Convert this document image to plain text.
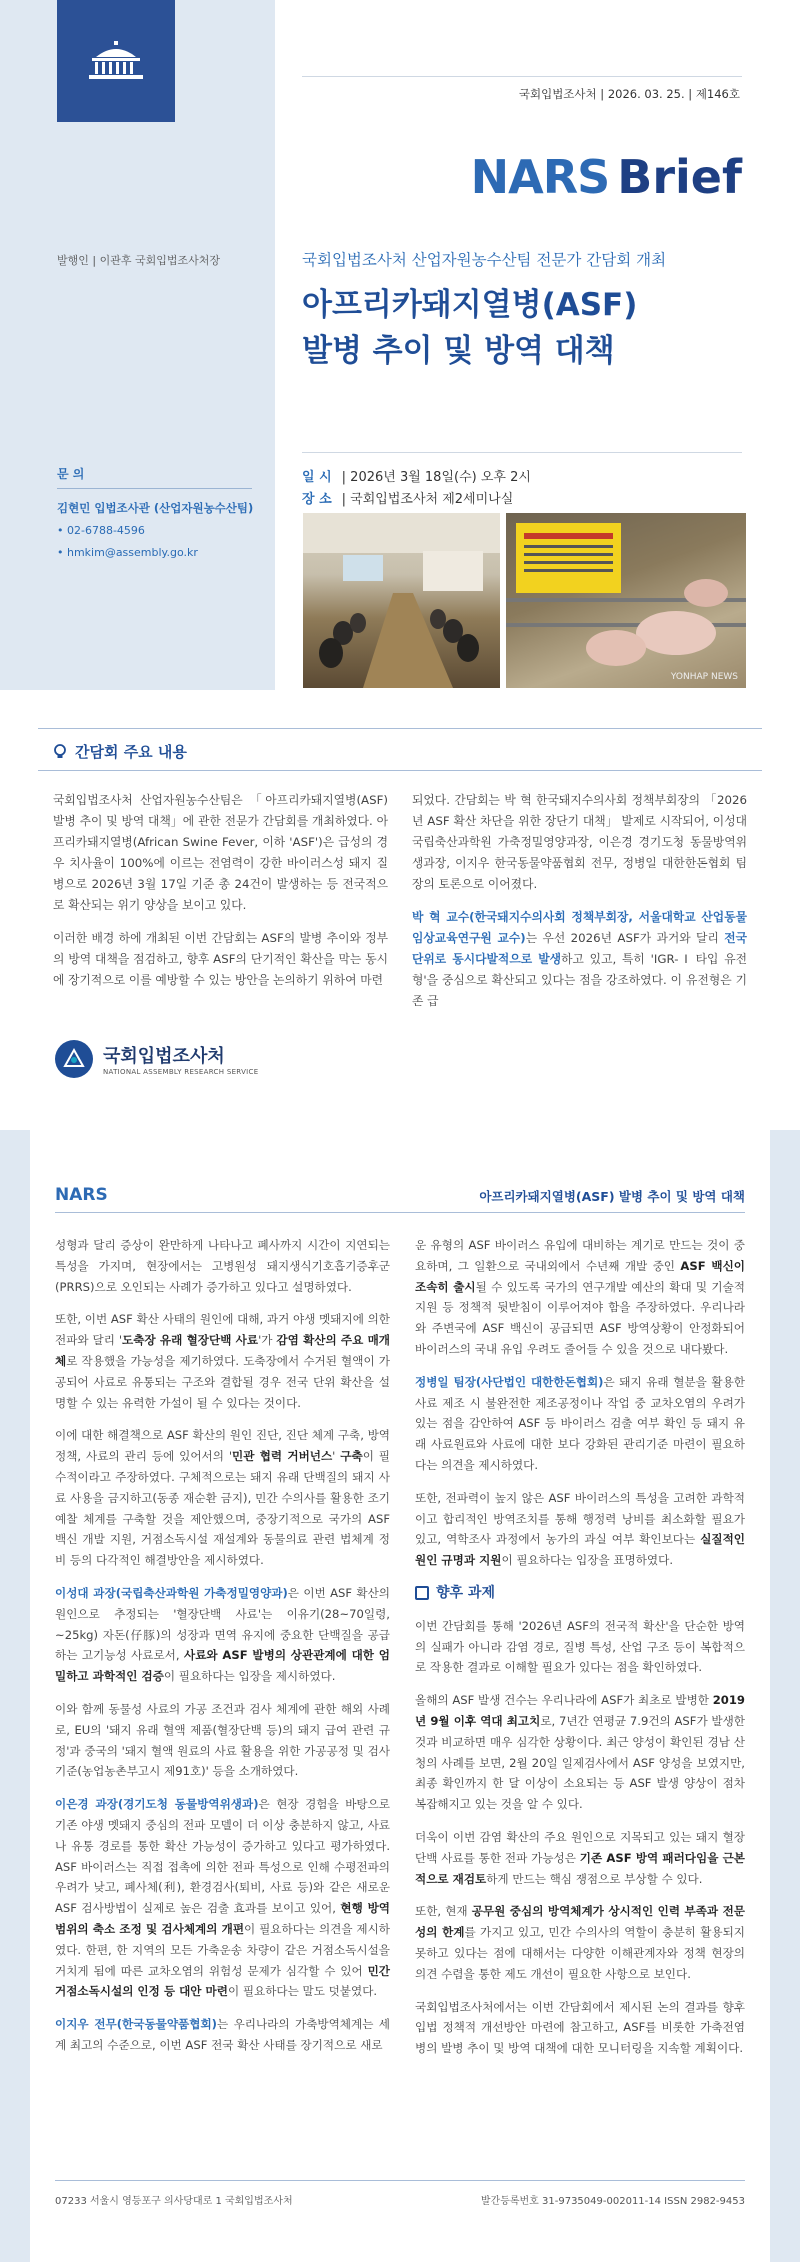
발행인 | 이관후 국회입법조사처장
문 의
김현민 입법조사관 (산업자원농수산팀)
• 02-6788-4596
• hmkim@assembly.go.kr
국회입법조사처 | 2026. 03. 25. | 제146호
NARS Brief
국회입법조사처 산업자원농수산팀 전문가 간담회 개최
아프리카돼지열병(ASF)
발병 추이 및 방역 대책
일 시 | 2026년 3월 18일(수) 오후 2시
장 소 | 국회입법조사처 제2세미나실
YONHAP NEWS
간담회 주요 내용

국회입법조사처 산업자원농수산팀은 「아프리카돼지열병(ASF) 발병 추이 및 방역 대책」에 관한 전문가 간담회를 개최하였다. 아프리카돼지열병(African Swine Fever, 이하 'ASF')은 급성의 경우 치사율이 100%에 이르는 전염력이 강한 바이러스성 돼지 질병으로 2026년 3월 17일 기준 총 24건이 발생하는 등 전국적으로 확산되는 위기 양상을 보이고 있다.

이러한 배경 하에 개최된 이번 간담회는 ASF의 발병 추이와 정부의 방역 대책을 점검하고, 향후 ASF의 단기적인 확산을 막는 동시에 장기적으로 이를 예방할 수 있는 방안을 논의하기 위하여 마련

되었다. 간담회는 박 혁 한국돼지수의사회 정책부회장의 「2026년 ASF 확산 차단을 위한 장단기 대책」 발제로 시작되어, 이성대 국립축산과학원 가축정밀영양과장, 이은경 경기도청 동물방역위생과장, 이지우 한국동물약품협회 전무, 정병일 대한한돈협회 팀장의 토론으로 이어졌다.

박 혁 교수(한국돼지수의사회 정책부회장, 서울대학교 산업동물임상교육연구원 교수)는 우선 2026년 ASF가 과거와 달리 전국 단위로 동시다발적으로 발생하고 있고, 특히 'IGR- Ⅰ 타입 유전형'을 중심으로 확산되고 있다는 점을 강조하였다. 이 유전형은 기존 급

국회입법조사처
NATIONAL ASSEMBLY RESEARCH SERVICE
NARS	아프리카돼지열병(ASF) 발병 추이 및 방역 대책

성형과 달리 증상이 완만하게 나타나고 폐사까지 시간이 지연되는 특성을 가지며, 현장에서는 고병원성 돼지생식기호흡기증후군(PRRS)으로 오인되는 사례가 증가하고 있다고 설명하였다.

또한, 이번 ASF 확산 사태의 원인에 대해, 과거 야생 멧돼지에 의한 전파와 달리 '도축장 유래 혈장단백 사료'가 감염 확산의 주요 매개체로 작용했을 가능성을 제기하였다. 도축장에서 수거된 혈액이 가공되어 사료로 유통되는 구조와 결합될 경우 전국 단위 확산을 설명할 수 있는 유력한 가설이 될 수 있다는 것이다.

이에 대한 해결책으로 ASF 확산의 원인 진단, 진단 체계 구축, 방역 정책, 사료의 관리 등에 있어서의 '민관 협력 거버넌스' 구축이 필수적이라고 주장하였다. 구체적으로는 돼지 유래 단백질의 돼지 사료 사용을 금지하고(동종 재순환 금지), 민간 수의사를 활용한 조기 예찰 체계를 구축할 것을 제안했으며, 중장기적으로 국가의 ASF 백신 개발 지원, 거점소독시설 재설계와 동물의료 관련 법체계 정비 등의 다각적인 해결방안을 제시하였다.

이성대 과장(국립축산과학원 가축정밀영양과)은 이번 ASF 확산의 원인으로 추정되는 '혈장단백 사료'는 이유기(28~70일령, ~25kg) 자돈(仔豚)의 성장과 면역 유지에 중요한 단백질을 공급하는 고기능성 사료로서, 사료와 ASF 발병의 상관관계에 대한 엄밀하고 과학적인 검증이 필요하다는 입장을 제시하였다.

이와 함께 동물성 사료의 가공 조건과 검사 체계에 관한 해외 사례로, EU의 '돼지 유래 혈액 제품(혈장단백 등)의 돼지 급여 관련 규정'과 중국의 '돼지 혈액 원료의 사료 활용을 위한 가공공정 및 검사기준(농업농촌부고시 제91호)' 등을 소개하였다.

이은경 과장(경기도청 동물방역위생과)은 현장 경험을 바탕으로 기존 야생 멧돼지 중심의 전파 모델이 더 이상 충분하지 않고, 사료나 유통 경로를 통한 확산 가능성이 증가하고 있다고 평가하였다. ASF 바이러스는 직접 접촉에 의한 전파 특성으로 인해 수평전파의 우려가 낮고, 폐사체(利), 환경검사(퇴비, 사료 등)와 같은 새로운 ASF 검사방법이 실제로 높은 검출 효과를 보이고 있어, 현행 방역 범위의 축소 조정 및 검사체계의 개편이 필요하다는 의견을 제시하였다. 한편, 한 지역의 모든 가축운송 차량이 같은 거점소독시설을 거치게 됨에 따른 교차오염의 위험성 문제가 심각할 수 있어 민간 거점소독시설의 인정 등 대안 마련이 필요하다는 말도 덧붙였다.

이지우 전무(한국동물약품협회)는 우리나라의 가축방역체계는 세계 최고의 수준으로, 이번 ASF 전국 확산 사태를 장기적으로 새로

운 유형의 ASF 바이러스 유입에 대비하는 계기로 만드는 것이 중요하며, 그 일환으로 국내외에서 수년째 개발 중인 ASF 백신이 조속히 출시될 수 있도록 국가의 연구개발 예산의 확대 및 기술적 지원 등 정책적 뒷받침이 이루어져야 함을 주장하였다. 우리나라와 주변국에 ASF 백신이 공급되면 ASF 방역상황이 안정화되어 바이러스의 국내 유입 우려도 줄어들 수 있을 것으로 내다봤다.

정병일 팀장(사단법인 대한한돈협회)은 돼지 유래 혈분을 활용한 사료 제조 시 불완전한 제조공정이나 작업 중 교차오염의 우려가 있는 점을 감안하여 ASF 등 바이러스 검출 여부 확인 등 돼지 유래 사료원료와 사료에 대한 보다 강화된 관리기준 마련이 필요하다는 의견을 제시하였다.

또한, 전파력이 높지 않은 ASF 바이러스의 특성을 고려한 과학적이고 합리적인 방역조치를 통해 행정력 낭비를 최소화할 필요가 있고, 역학조사 과정에서 농가의 과실 여부 확인보다는 실질적인 원인 규명과 지원이 필요하다는 입장을 표명하였다.

향후 과제

이번 간담회를 통해 '2026년 ASF의 전국적 확산'을 단순한 방역의 실패가 아니라 감염 경로, 질병 특성, 산업 구조 등이 복합적으로 작용한 결과로 이해할 필요가 있다는 점을 확인하였다.

올해의 ASF 발생 건수는 우리나라에 ASF가 최초로 발병한 2019년 9월 이후 역대 최고치로, 7년간 연평균 7.9건의 ASF가 발생한 것과 비교하면 매우 심각한 상황이다. 최근 양성이 확인된 경남 산청의 사례를 보면, 2월 20일 일제검사에서 ASF 양성을 보였지만, 최종 확인까지 한 달 이상이 소요되는 등 ASF 발생 양상이 점차 복잡해지고 있는 것을 알 수 있다.

더욱이 이번 감염 확산의 주요 원인으로 지목되고 있는 돼지 혈장단백 사료를 통한 전파 가능성은 기존 ASF 방역 패러다임을 근본적으로 재검토하게 만드는 핵심 쟁점으로 부상할 수 있다.

또한, 현재 공무원 중심의 방역체계가 상시적인 인력 부족과 전문성의 한계를 가지고 있고, 민간 수의사의 역할이 충분히 활용되지 못하고 있다는 점에 대해서는 다양한 이해관계자와 정책 현장의 의견 수렴을 통한 제도 개선이 필요한 사항으로 보인다.

국회입법조사처에서는 이번 간담회에서 제시된 논의 결과를 향후 입법 정책적 개선방안 마련에 참고하고, ASF를 비롯한 가축전염병의 발병 추이 및 방역 대책에 대한 모니터링을 지속할 계획이다.

07233 서울시 영등포구 의사당대로 1 국회입법조사처	발간등록번호 31-9735049-002011-14 ISSN 2982-9453
